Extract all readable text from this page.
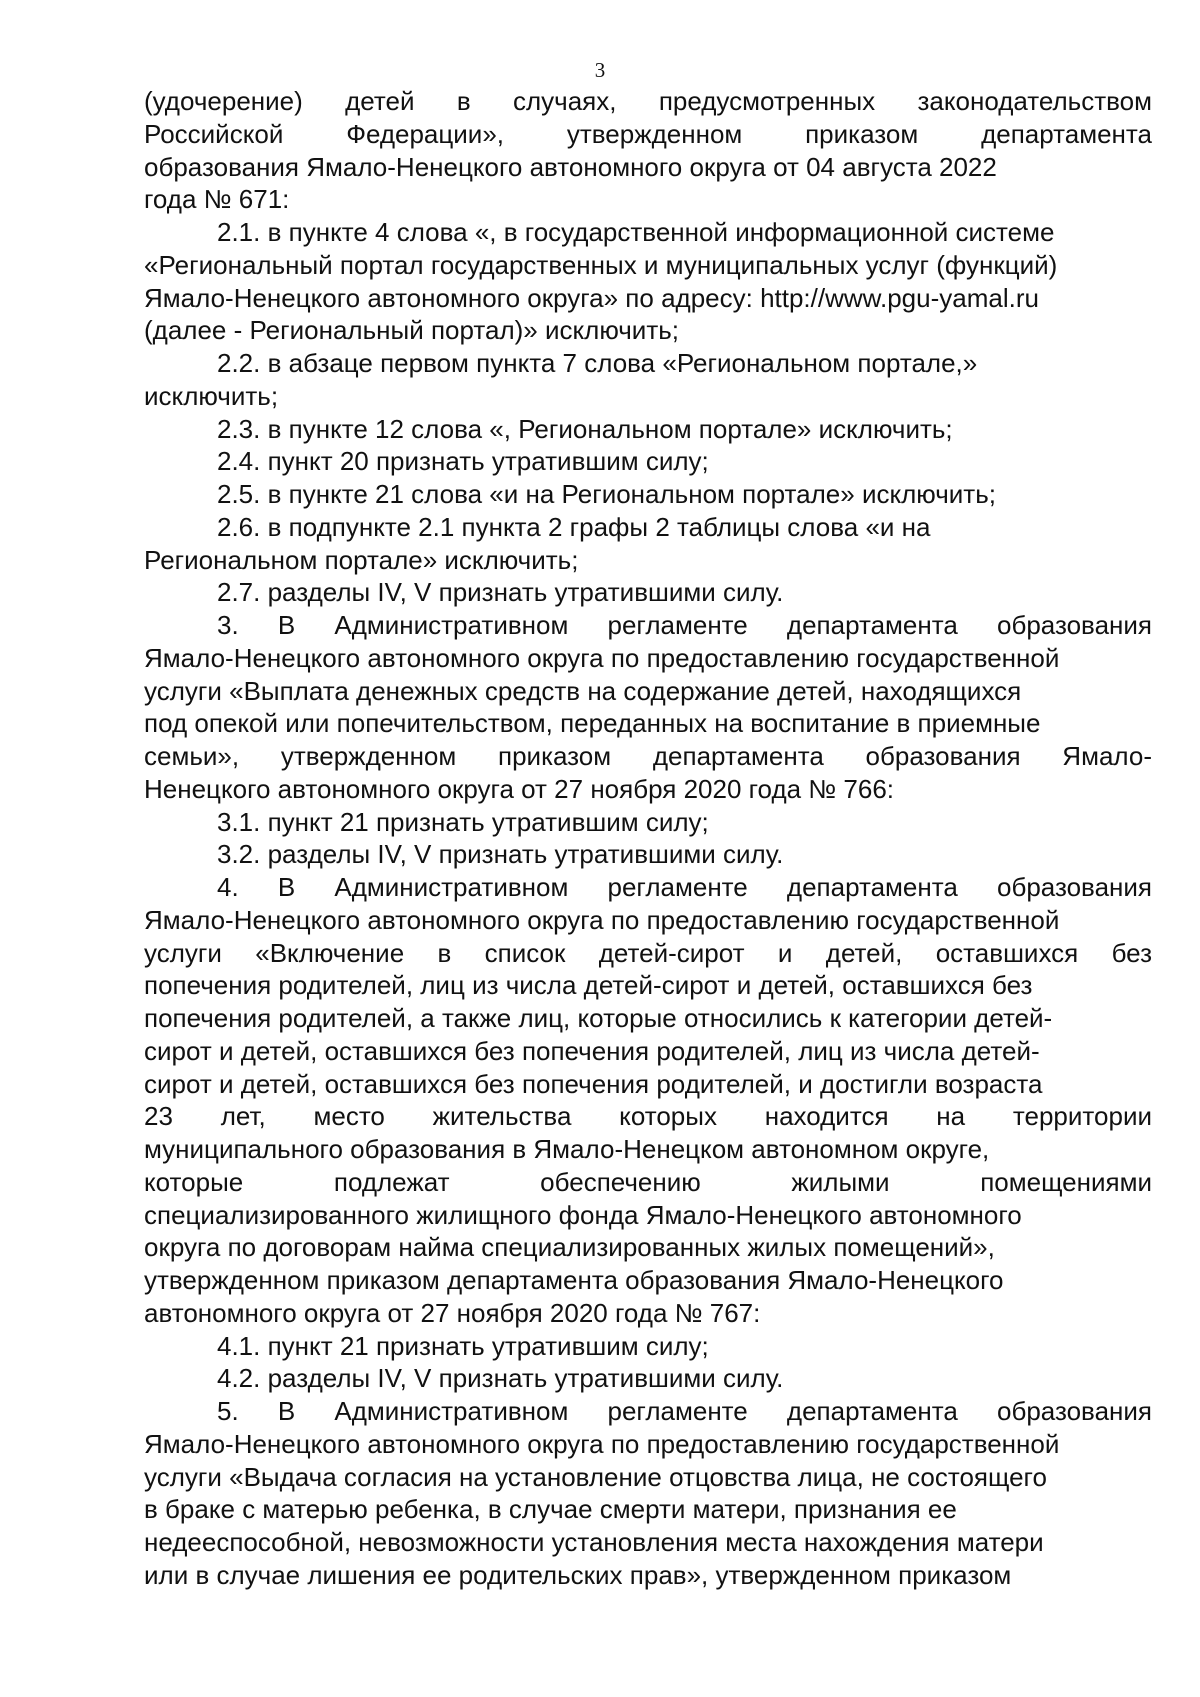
3
(удочерение) детей в случаях, предусмотренных законодательством
Российской Федерации», утвержденном приказом департамента
образования Ямало-Ненецкого автономного округа от 04 августа 2022
года № 671:
2.1. в пункте 4 слова «, в государственной информационной системе
«Региональный портал государственных и муниципальных услуг (функций)
Ямало-Ненецкого автономного округа» по адресу: http://www.pgu-yamal.ru
(далее - Региональный портал)» исключить;
2.2. в абзаце первом пункта 7 слова «Региональном портале,»
исключить;
2.3. в пункте 12 слова «, Региональном портале» исключить;
2.4. пункт 20 признать утратившим силу;
2.5. в пункте 21 слова «и на Региональном портале» исключить;
2.6. в подпункте 2.1 пункта 2 графы 2 таблицы слова «и на
Региональном портале» исключить;
2.7. разделы IV, V признать утратившими силу.
3. В Административном регламенте департамента образования
Ямало-Ненецкого автономного округа по предоставлению государственной
услуги «Выплата денежных средств на содержание детей, находящихся
под опекой или попечительством, переданных на воспитание в приемные
семьи», утвержденном приказом департамента образования Ямало-
Ненецкого автономного округа от 27 ноября 2020 года № 766:
3.1. пункт 21 признать утратившим силу;
3.2. разделы IV, V признать утратившими силу.
4. В Административном регламенте департамента образования
Ямало-Ненецкого автономного округа по предоставлению государственной
услуги «Включение в список детей-сирот и детей, оставшихся без
попечения родителей, лиц из числа детей-сирот и детей, оставшихся без
попечения родителей, а также лиц, которые относились к категории детей-
сирот и детей, оставшихся без попечения родителей, лиц из числа детей-
сирот и детей, оставшихся без попечения родителей, и достигли возраста
23 лет, место жительства которых находится на территории
муниципального образования в Ямало-Ненецком автономном округе,
которые подлежат обеспечению жилыми помещениями
специализированного жилищного фонда Ямало-Ненецкого автономного
округа по договорам найма специализированных жилых помещений»,
утвержденном приказом департамента образования Ямало-Ненецкого
автономного округа от 27 ноября 2020 года № 767:
4.1. пункт 21 признать утратившим силу;
4.2. разделы IV, V признать утратившими силу.
5. В Административном регламенте департамента образования
Ямало-Ненецкого автономного округа по предоставлению государственной
услуги «Выдача согласия на установление отцовства лица, не состоящего
в браке с матерью ребенка, в случае смерти матери, признания ее
недееспособной, невозможности установления места нахождения матери
или в случае лишения ее родительских прав», утвержденном приказом
